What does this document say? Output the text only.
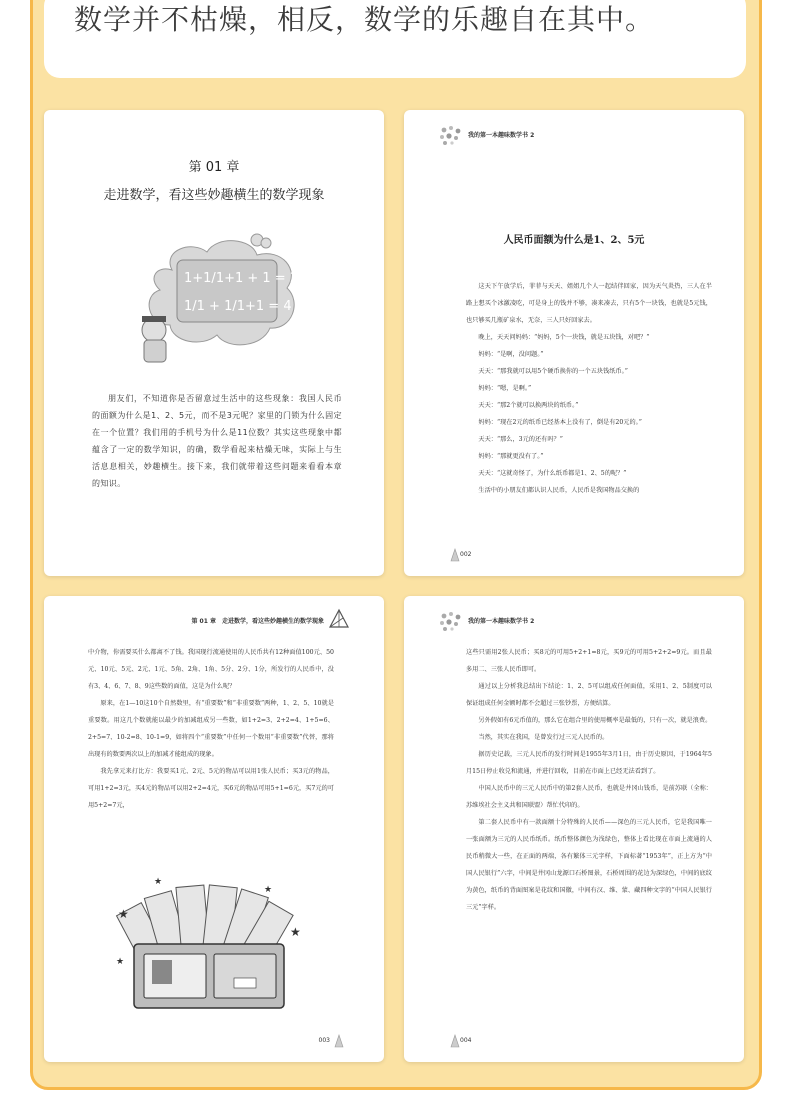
数学并不枯燥，相反，数学的乐趣自在其中。
第 01 章
走进数学，看这些妙趣横生的数学现象
1+1/1+1 + 1 = 2
1/1 + 1/1+1 = 4

朋友们，不知道你是否留意过生活中的这些现象：我国人民币的面额为什么是1、2、5元，而不是3元呢？家里的门锁为什么固定在一个位置？我们用的手机号为什么是11位数？其实这些现象中都蕴含了一定的数学知识，的确，数学看起来枯燥无味，实际上与生活息息相关，妙趣横生。接下来，我们就带着这些问题来看看本章的知识。

我的第一本趣味数学书 2
人民币面额为什么是1、2、5元

这天下午放学后，菲菲与天天、姐姐几个人一起结伴回家，因为天气炎热，三人在半路上想买个冰激凌吃，可是身上的钱并不够，凑来凑去，只有5个一块钱，也就是5元钱，也只够买几瓶矿泉水，无奈，三人只好回家去。

晚上，天天问妈妈：“妈妈，5个一块钱，就是五块钱，对吧？”

妈妈：“是啊，没问题。”

天天：“那我就可以用5个硬币换你的一个五块钱纸币。”

妈妈：“嗯，是啊。”

天天：“那2个就可以换两块的纸币。”

妈妈：“现在2元的纸币已经基本上没有了，倒是有20元的。”

天天：“那么，3元的还有吗？”

妈妈：“那就更没有了。”

天天：“这就奇怪了，为什么纸币都是1、2、5的呢？”

生活中的小朋友们都认识人民币，人民币是我国物品交换的

002
第 01 章　走进数学，看这些妙趣横生的数学现象

中介物，你需要买什么都离不了钱。我国现行流通使用的人民币共有12种面值100元、50元、10元、5元、2元、1元、5角、2角、1角、5分、2分、1分，所发行的人民币中，没有3、4、6、7、8、9这些数的面值，这是为什么呢？

原来，在1—10这10个自然数里，有“重要数”和“非重要数”两种，1、2、5、10就是重要数。用这几个数就能以最少的加减组成另一些数，如1+2=3、2+2=4、1+5=6、2+5=7、10-2=8、10-1=9，如将四个“重要数”中任何一个数用“非重要数”代替，那将出现有的数要两次以上的加减才能组成的现象。

我先拿元来打比方：我要买1元、2元、5元的物品可以用1张人民币；买3元的物品，可用1+2=3元，买4元的物品可以用2+2=4元，买6元的物品可用5+1=6元，买7元的可用5+2=7元，

★
★
★
★
★
003
我的第一本趣味数学书 2

这些只需用2张人民币；买8元的可用5+2+1=8元，买9元的可用5+2+2=9元。而且最多用二、三张人民币即可。

通过以上分析我总结出下结论：1、2、5可以组成任何面值，采用1、2、5制度可以保证组成任何金额时都不会超过三张钞票，方便结算。

另外假如有6元币值的，那么它在组合里的使用概率是最低的，只有一次，就是浪费。

当然，其实在我国，是曾发行过三元人民币的。

据历史记载，三元人民币的发行时间是1955年3月1日，由于历史原因，于1964年5月15日停止收兑和流通，并进行回收，目前在市面上已经无法看到了。

中国人民币中的三元人民币中的第2套人民币，也就是井冈山钱币，是前苏联（全称：苏维埃社会主义共和国联盟）帮忙代印的。

第二套人民币中有一款面额十分特殊的人民币——深色的三元人民币，它是我国唯一一张面额为三元的人民币纸币。纸币整体颜色为浅绿色，整体上看比现在市面上流通的人民币稍微大一些，在正面的两端，各有繁体三元字样，下面标著“1953年”，正上方为“中国人民银行”六字，中间是井冈山龙源口石桥图景，石桥周围的花边为深绿色，中间的底纹为黄色，纸币的背面图案是花纹和国徽，中间有汉、维、蒙、藏四种文字的“中国人民银行三元”字样。

004
